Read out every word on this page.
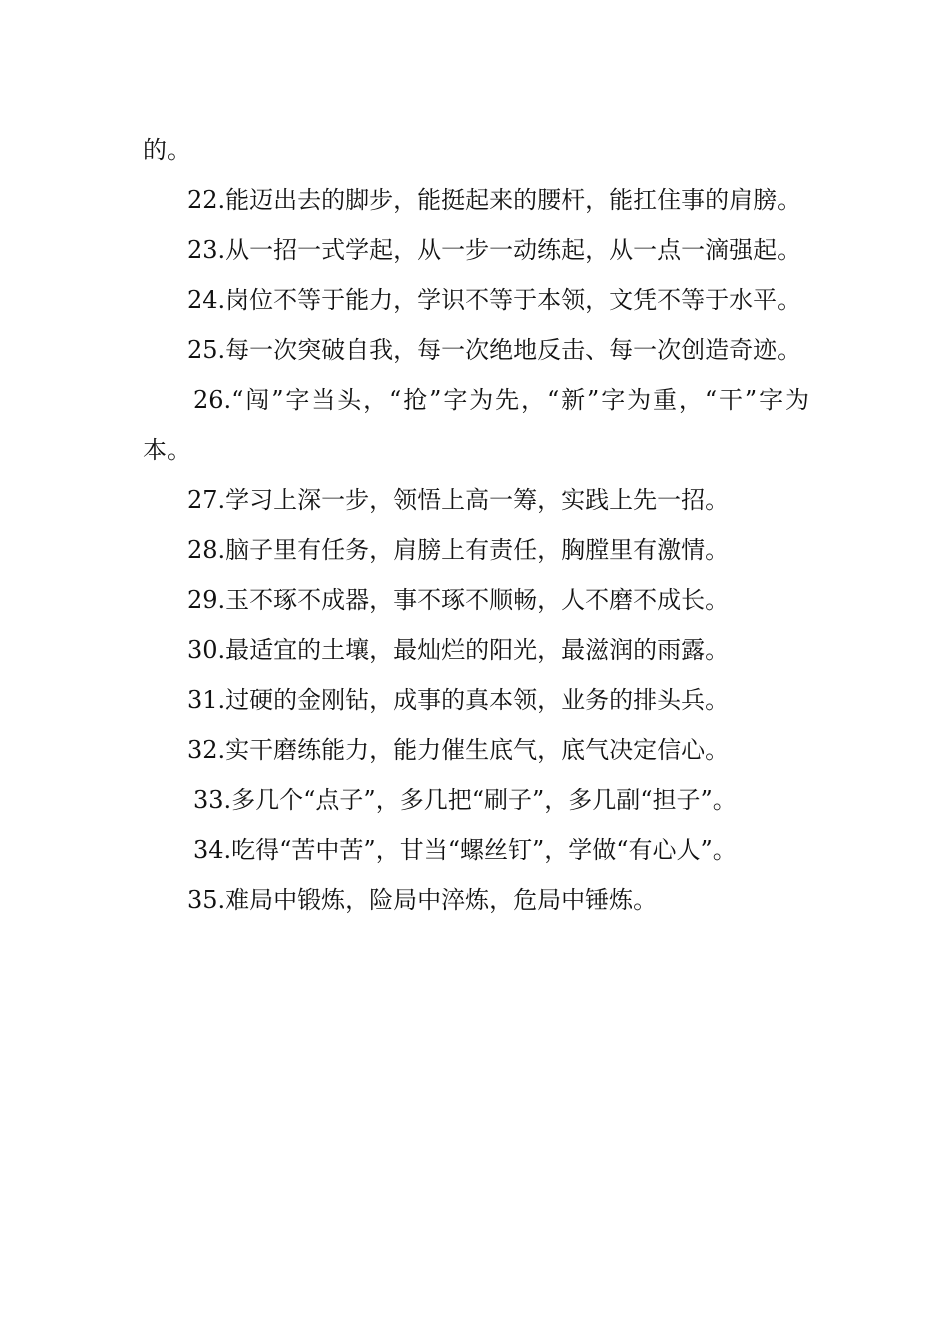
的。

22.能迈出去的脚步，能挺起来的腰杆，能扛住事的肩膀。

23.从一招一式学起，从一步一动练起，从一点一滴强起。

24.岗位不等于能力，学识不等于本领，文凭不等于水平。

25.每一次突破自我，每一次绝地反击、每一次创造奇迹。

26.“闯”字当头，“抢”字为先，“新”字为重，“干”字为本。

27.学习上深一步，领悟上高一筹，实践上先一招。

28.脑子里有任务，肩膀上有责任，胸膛里有激情。

29.玉不琢不成器，事不琢不顺畅，人不磨不成长。

30.最适宜的土壤，最灿烂的阳光，最滋润的雨露。

31.过硬的金刚钻，成事的真本领，业务的排头兵。

32.实干磨练能力，能力催生底气，底气决定信心。

33.多几个“点子”，多几把“刷子”，多几副“担子”。

34.吃得“苦中苦”，甘当“螺丝钉”，学做“有心人”。

35.难局中锻炼，险局中淬炼，危局中锤炼。
